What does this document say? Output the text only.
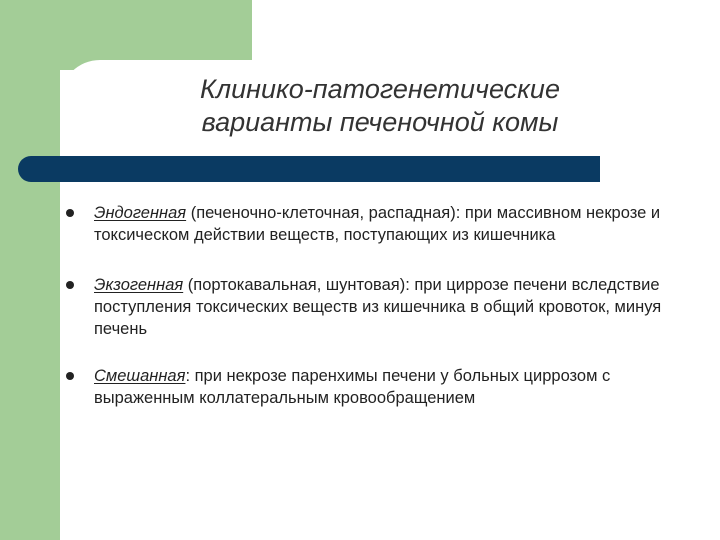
Клинико-патогенетические
варианты печеночной комы
Эндогенная (печеночно-клеточная, распадная): при массивном некрозе и токсическом действии веществ, поступающих из кишечника
Экзогенная (портокавальная, шунтовая): при циррозе печени вследствие поступления токсических веществ из кишечника в общий кровоток, минуя печень
Смешанная: при некрозе паренхимы печени у больных циррозом с выраженным коллатеральным кровообращением
